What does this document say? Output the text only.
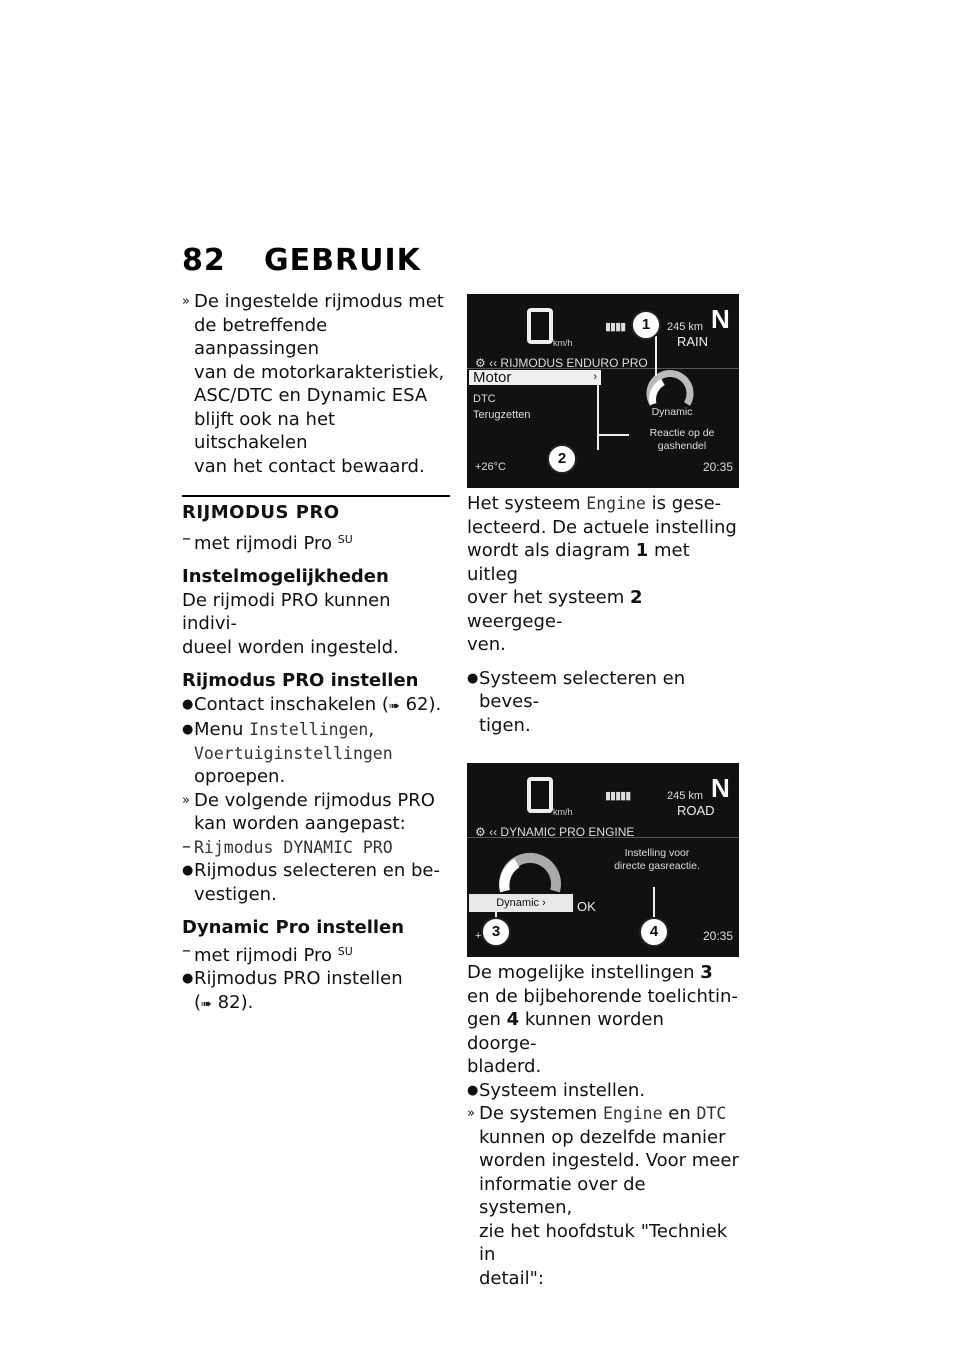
82 GEBRUIK
» De ingestelde rijmodus met

de betreffende aanpassingen

van de motorkarakteristiek,

ASC/DTC en Dynamic ESA

blijft ook na het uitschakelen

van het contact bewaard.

RIJMODUS PRO

– met rijmodi Pro $^{SU}$

Instelmogelijkheden

De rijmodi PRO kunnen indivi-

dueel worden ingesteld.

Rijmodus PRO instellen

● Contact inschakelen (➠ 62).
● Menu Instellingen,
Voertuiginstellingen
oproepen.
» De volgende rijmodus PRO

kan worden aangepast:

– Rijmodus DYNAMIC PRO
● Rijmodus selecteren en be-

vestigen.

Dynamic Pro instellen

– met rijmodi Pro $^{SU}$
● Rijmodus PRO instellen

(➠ 82).

km/h
▮▮▮▮	245 km
RAIN
N
⚙ ‹‹ RIJMODUS ENDURO PRO
Motor	›
DTC
Terugzetten	Dynamic
Reactie op de
gashendel
+26°C	20:35
1
2

Het systeem Engine is gese-

lecteerd. De actuele instelling

wordt als diagram 1 met uitleg

over het systeem 2 weergege-

ven.

● Systeem selecteren en beves-

tigen.

km/h
▮▮▮▮▮	245 km
ROAD
N
⚙ ‹‹ DYNAMIC PRO ENGINE
Instelling voor
directe gasreactie.
Dynamic ›	OK
+	20:35
3	4

De mogelijke instellingen 3

en de bijbehorende toelichtin-

gen 4 kunnen worden doorge-

bladerd.

● Systeem instellen.
» De systemen Engine en DTC

kunnen op dezelfde manier

worden ingesteld. Voor meer

informatie over de systemen,

zie het hoofdstuk "Techniek in

detail":
